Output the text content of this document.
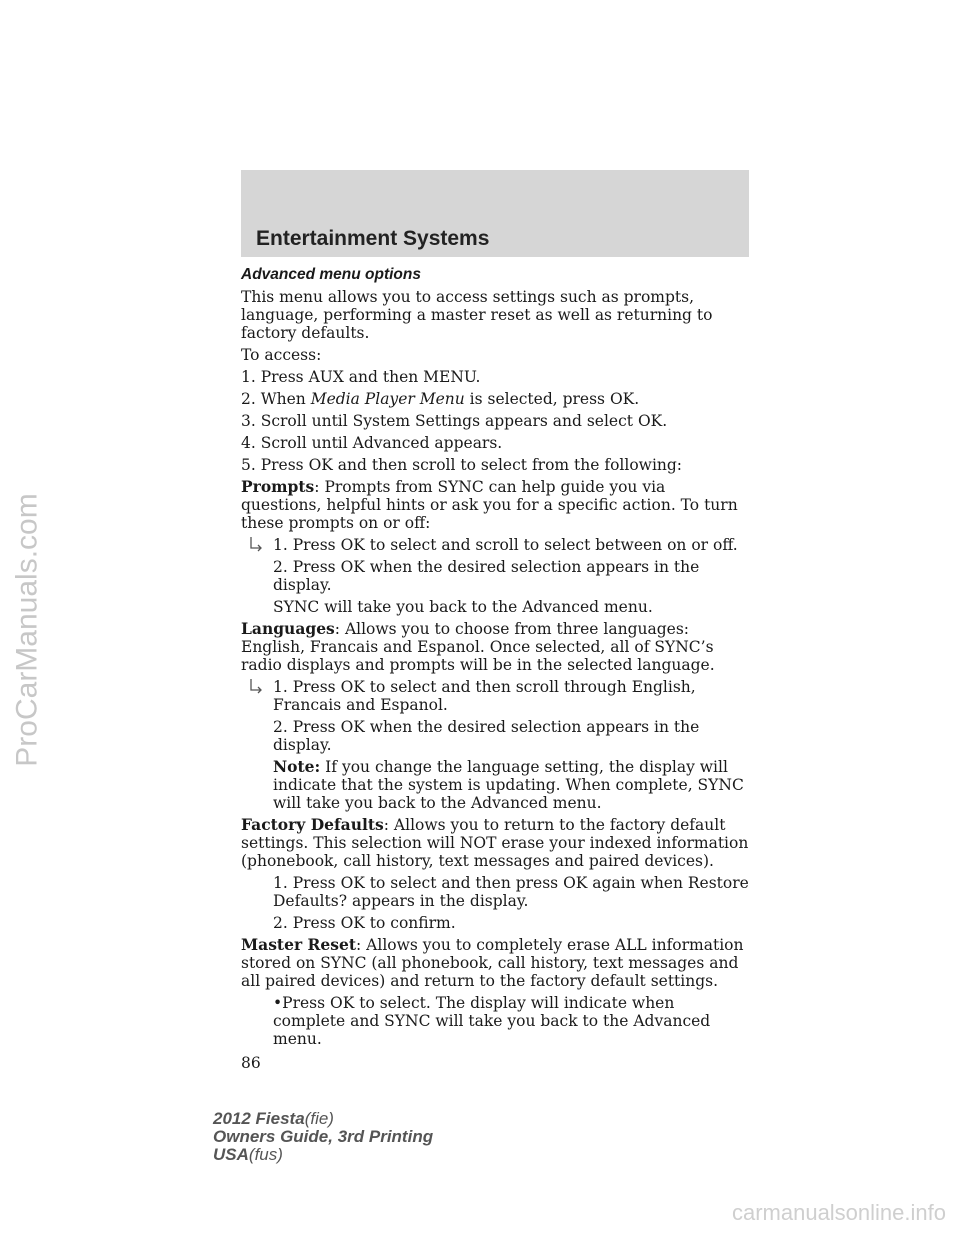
ProCarManuals.com
Entertainment Systems

Advanced menu options

This menu allows you to access settings such as prompts, language, performing a master reset as well as returning to factory defaults.

To access:

1. Press AUX and then MENU.

2. When Media Player Menu is selected, press OK.

3. Scroll until System Settings appears and select OK.

4. Scroll until Advanced appears.

5. Press OK and then scroll to select from the following:

Prompts: Prompts from SYNC can help guide you via questions, helpful hints or ask you for a specific action. To turn these prompts on or off:

1. Press OK to select and scroll to select between on or off.

2. Press OK when the desired selection appears in the display.

SYNC will take you back to the Advanced menu.

Languages: Allows you to choose from three languages: English, Francais and Espanol. Once selected, all of SYNC’s radio displays and prompts will be in the selected language.

1. Press OK to select and then scroll through English, Francais and Espanol.

2. Press OK when the desired selection appears in the display.

Note: If you change the language setting, the display will indicate that the system is updating. When complete, SYNC will take you back to the Advanced menu.

Factory Defaults: Allows you to return to the factory default settings. This selection will NOT erase your indexed information (phonebook, call history, text messages and paired devices).

1. Press OK to select and then press OK again when Restore Defaults? appears in the display.

2. Press OK to confirm.

Master Reset: Allows you to completely erase ALL information stored on SYNC (all phonebook, call history, text messages and all paired devices) and return to the factory default settings.

•Press OK to select. The display will indicate when complete and SYNC will take you back to the Advanced menu.

86

2012 Fiesta(fie)
Owners Guide, 3rd Printing
USA(fus)
carmanualsonline.info
